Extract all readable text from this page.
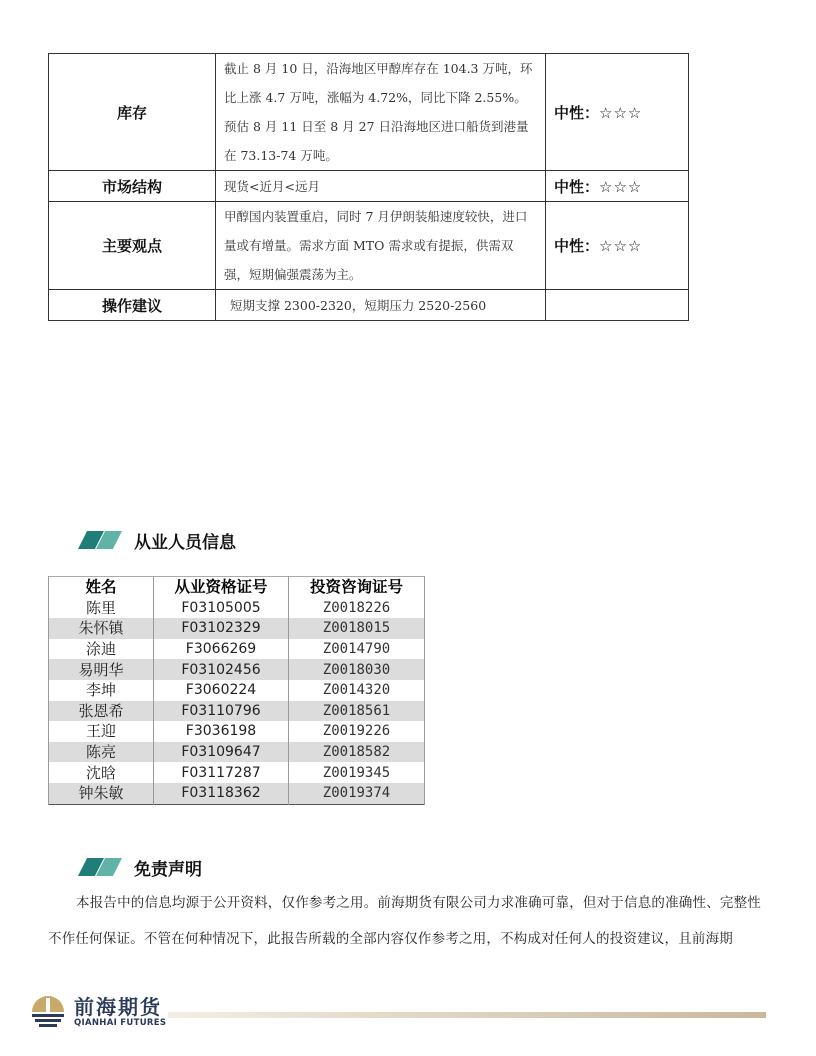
库存	截止 8 月 10 日，沿海地区甲醇库存在 104.3 万吨，环比上涨 4.7 万吨，涨幅为 4.72%，同比下降 2.55%。预估 8 月 11 日至 8 月 27 日沿海地区进口船货到港量在 73.13-74 万吨。	中性：☆☆☆
市场结构	现货<近月<远月	中性：☆☆☆
主要观点	甲醇国内装置重启，同时 7 月伊朗装船速度较快，进口量或有增量。需求方面 MTO 需求或有提振，供需双强，短期偏强震荡为主。	中性：☆☆☆
操作建议	短期支撑 2300-2320，短期压力 2520-2560	
从业人员信息
姓名	从业资格证号	投资咨询证号
陈里	F03105005	Z0018226
朱怀镇	F03102329	Z0018015
涂迪	F3066269	Z0014790
易明华	F03102456	Z0018030
李坤	F3060224	Z0014320
张恩希	F03110796	Z0018561
王迎	F3036198	Z0019226
陈亮	F03109647	Z0018582
沈晗	F03117287	Z0019345
钟朱敏	F03118362	Z0019374
免责声明

本报告中的信息均源于公开资料，仅作参考之用。前海期货有限公司力求准确可靠，但对于信息的准确性、完整性不作任何保证。不管在何种情况下，此报告所载的全部内容仅作参考之用，不构成对任何人的投资建议，且前海期

前海期货
QIANHAI FUTURES
